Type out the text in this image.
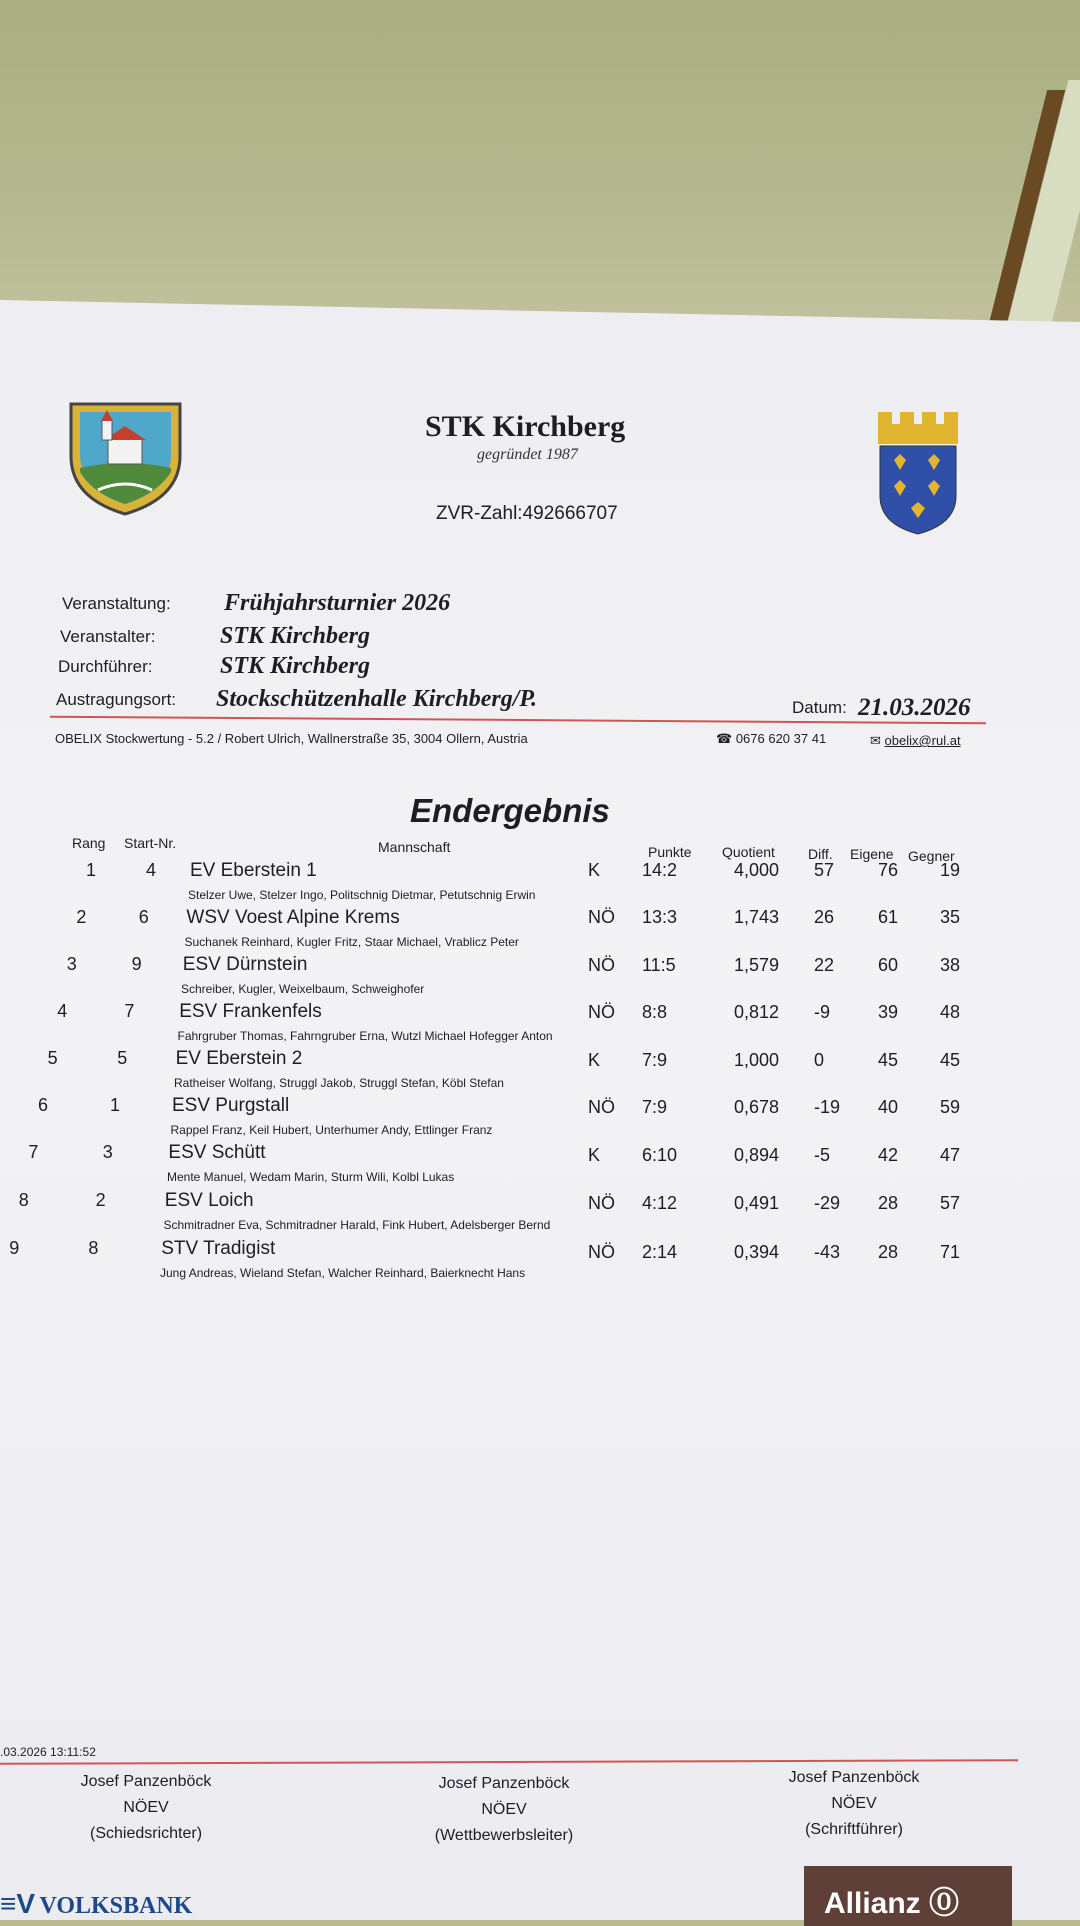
STK Kirchberg
gegründet 1987
ZVR-Zahl:492666707
Veranstaltung: Frühjahrsturnier 2026
Veranstalter:	STK Kirchberg
Durchführer:	STK Kirchberg
Austragungsort: Stockschützenhalle Kirchberg/P.	Datum: 21.03.2026
OBELIX Stockwertung - 5.2 / Robert Ulrich, Wallnerstraße 35, 3004 Ollern, Austria	☎ 0676 620 37 41	✉ obelix@rul.at
Endergebnis
Rang Start-Nr.	Mannschaft	Punkte Quotient Diff. Eigene Gegner
1	4 EV Eberstein 1	K 14:2	4,000 57 76 19
Stelzer Uwe, Stelzer Ingo, Politschnig Dietmar, Petutschnig Erwin
2	6 WSV Voest Alpine Krems	NÖ 13:3	1,743 26 61 35
Suchanek Reinhard, Kugler Fritz, Staar Michael, Vrablicz Peter
3	9 ESV Dürnstein	NÖ 11:5	1,579 22 60 38
Schreiber, Kugler, Weixelbaum, Schweighofer
4	7 ESV Frankenfels	NÖ 8:8	0,812 -9	39 48
Fahrgruber Thomas, Fahrngruber Erna, Wutzl Michael Hofegger Anton
5	5	EV Eberstein 2	K 7:9	1,000 0	45 45
Ratheiser Wolfang, Struggl Jakob, Struggl Stefan, Köbl Stefan
6	1	ESV Purgstall	NÖ 7:9	0,678 -19 40 59
Rappel Franz, Keil Hubert, Unterhumer Andy, Ettlinger Franz
7	3	ESV Schütt	K 6:10	0,894 -5	42 47
Mente Manuel, Wedam Marin, Sturm Wili, Kolbl Lukas
8	2	ESV Loich	NÖ 4:12	0,491 -29 28 57
Schmitradner Eva, Schmitradner Harald, Fink Hubert, Adelsberger Bernd
9	8	STV Tradigist	NÖ 2:14	0,394 -43 28 71
Jung Andreas, Wieland Stefan, Walcher Reinhard, Baierknecht Hans
.03.2026 13:11:52
Josef Panzenböck
NÖEV
(Schiedsrichter)
Josef Panzenböck
NÖEV
(Wettbewerbsleiter)
Josef Panzenböck
NÖEV
(Schriftführer)
≡V VOLKSBANK	Allianz ⓪
